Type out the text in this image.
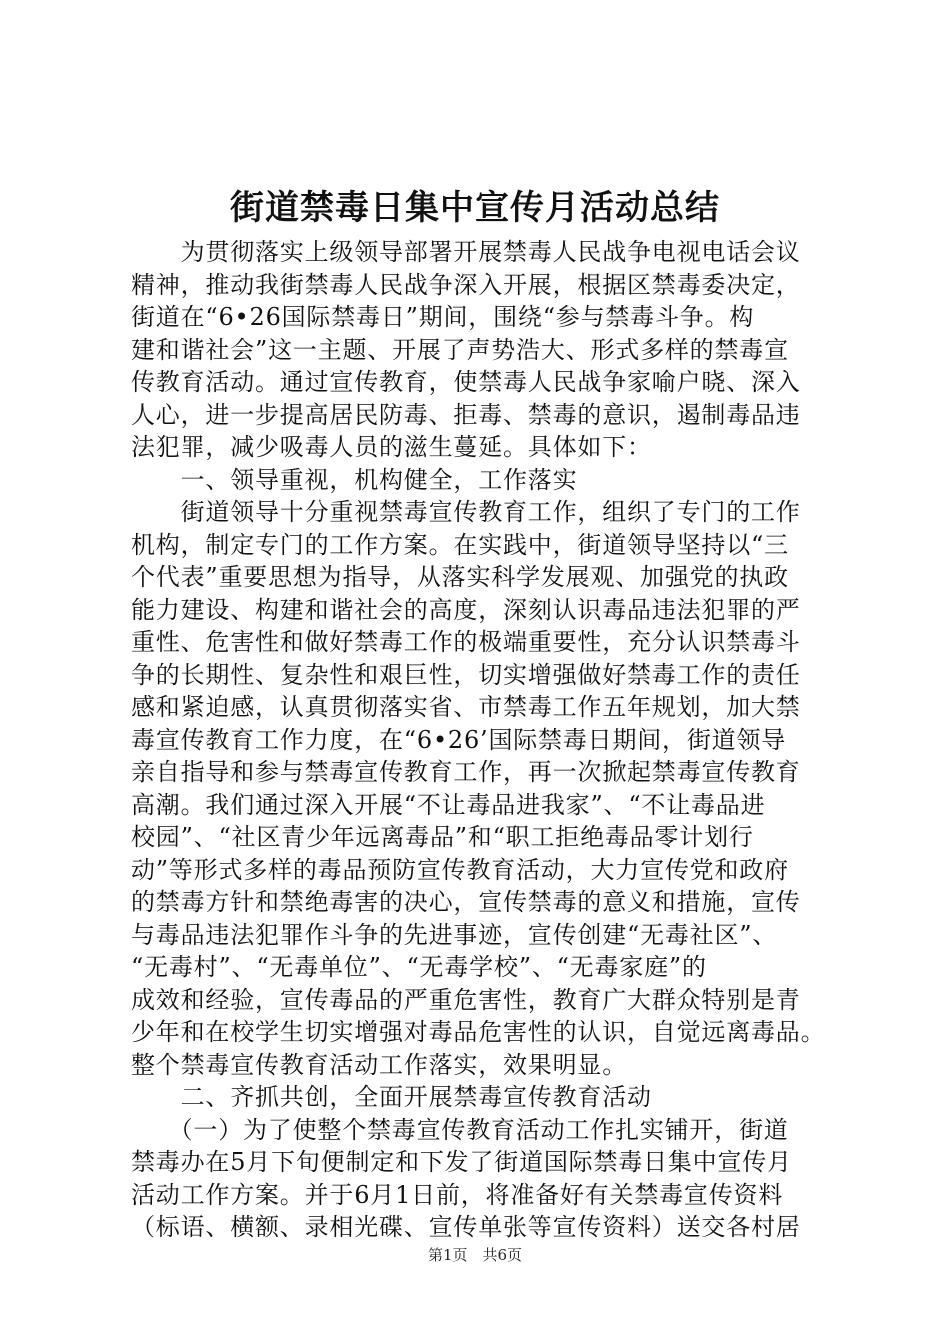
街道禁毒日集中宣传月活动总结
　　为贯彻落实上级领导部署开展禁毒人民战争电视电话会议
精神，推动我街禁毒人民战争深入开展，根据区禁毒委决定，
街道在“6•26国际禁毒日”期间，围绕“参与禁毒斗争。构
建和谐社会”这一主题、开展了声势浩大、形式多样的禁毒宣
传教育活动。通过宣传教育，使禁毒人民战争家喻户晓、深入
人心，进一步提高居民防毒、拒毒、禁毒的意识，遏制毒品违
法犯罪，减少吸毒人员的滋生蔓延。具体如下：
　　一、领导重视，机构健全，工作落实
　　街道领导十分重视禁毒宣传教育工作，组织了专门的工作
机构，制定专门的工作方案。在实践中，街道领导坚持以“三
个代表”重要思想为指导，从落实科学发展观、加强党的执政
能力建设、构建和谐社会的高度，深刻认识毒品违法犯罪的严
重性、危害性和做好禁毒工作的极端重要性，充分认识禁毒斗
争的长期性、复杂性和艰巨性，切实增强做好禁毒工作的责任
感和紧迫感，认真贯彻落实省、市禁毒工作五年规划，加大禁
毒宣传教育工作力度，在“6•26’国际禁毒日期间，街道领导
亲自指导和参与禁毒宣传教育工作，再一次掀起禁毒宣传教育
高潮。我们通过深入开展“不让毒品进我家”、“不让毒品进
校园”、“社区青少年远离毒品”和“职工拒绝毒品零计划行
动”等形式多样的毒品预防宣传教育活动，大力宣传党和政府
的禁毒方针和禁绝毒害的决心，宣传禁毒的意义和措施，宣传
与毒品违法犯罪作斗争的先进事迹，宣传创建“无毒社区”、
“无毒村”、“无毒单位”、“无毒学校”、“无毒家庭”的
成效和经验，宣传毒品的严重危害性，教育广大群众特别是青
少年和在校学生切实增强对毒品危害性的认识，自觉远离毒品。
整个禁毒宣传教育活动工作落实，效果明显。
　　二、齐抓共创，全面开展禁毒宣传教育活动
　　（一）为了使整个禁毒宣传教育活动工作扎实铺开，街道
禁毒办在5月下旬便制定和下发了街道国际禁毒日集中宣传月
活动工作方案。并于6月1日前，将准备好有关禁毒宣传资料
（标语、横额、录相光碟、宣传单张等宣传资料）送交各村居
第1页　共6页
